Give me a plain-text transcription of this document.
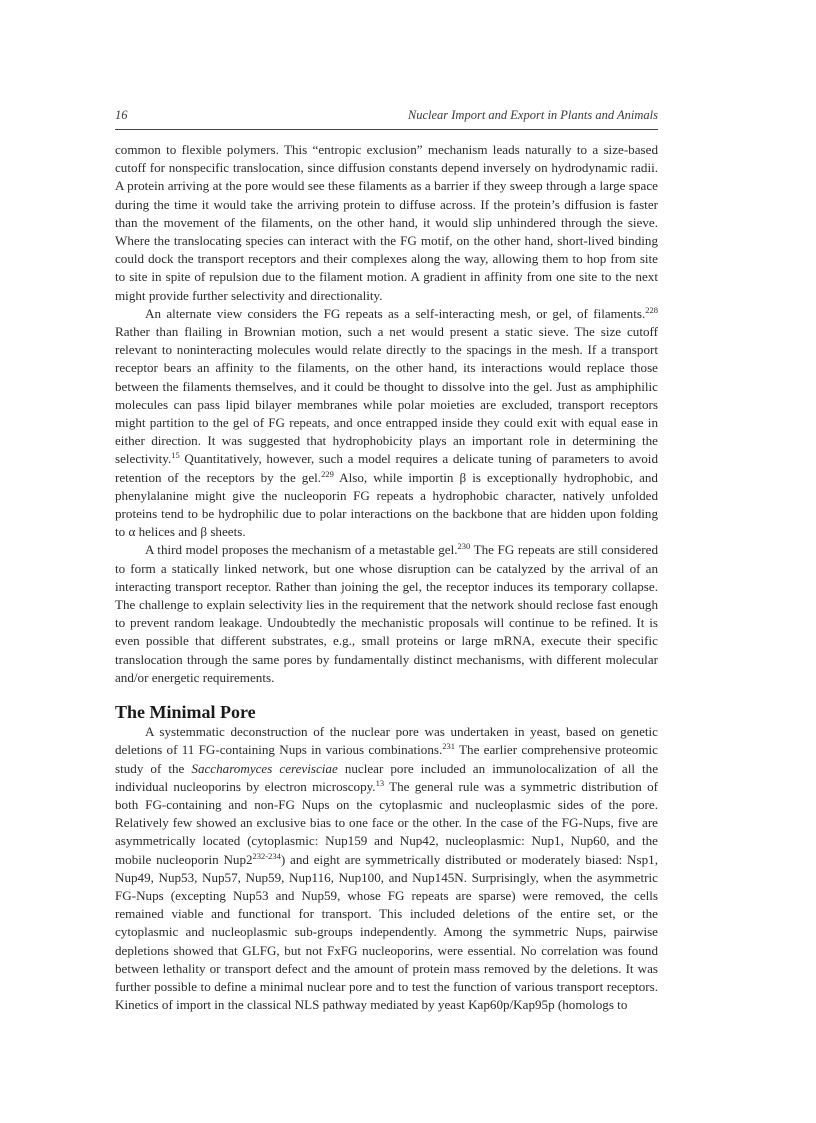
16	Nuclear Import and Export in Plants and Animals

common to flexible polymers. This “entropic exclusion” mechanism leads naturally to a size-based cutoff for nonspecific translocation, since diffusion constants depend inversely on hydrodynamic radii. A protein arriving at the pore would see these filaments as a barrier if they sweep through a large space during the time it would take the arriving protein to diffuse across. If the protein’s diffusion is faster than the movement of the filaments, on the other hand, it would slip unhindered through the sieve. Where the translocating species can interact with the FG motif, on the other hand, short-lived binding could dock the transport receptors and their complexes along the way, allowing them to hop from site to site in spite of repulsion due to the filament motion. A gradient in affinity from one site to the next might provide further selectivity and directionality.

An alternate view considers the FG repeats as a self-interacting mesh, or gel, of filaments.$^{228}$ Rather than flailing in Brownian motion, such a net would present a static sieve. The size cutoff relevant to noninteracting molecules would relate directly to the spacings in the mesh. If a transport receptor bears an affinity to the filaments, on the other hand, its interactions would replace those between the filaments themselves, and it could be thought to dissolve into the gel. Just as amphiphilic molecules can pass lipid bilayer membranes while polar moieties are excluded, transport receptors might partition to the gel of FG repeats, and once entrapped inside they could exit with equal ease in either direction. It was suggested that hydrophobicity plays an important role in determining the selectivity.$^{15}$ Quantitatively, however, such a model requires a delicate tuning of parameters to avoid retention of the receptors by the gel.$^{229}$ Also, while importin β is exceptionally hydrophobic, and phenylalanine might give the nucleoporin FG repeats a hydrophobic character, natively unfolded proteins tend to be hydrophilic due to polar interactions on the backbone that are hidden upon folding to α helices and β sheets.

A third model proposes the mechanism of a metastable gel.$^{230}$ The FG repeats are still considered to form a statically linked network, but one whose disruption can be catalyzed by the arrival of an interacting transport receptor. Rather than joining the gel, the receptor induces its temporary collapse. The challenge to explain selectivity lies in the requirement that the network should reclose fast enough to prevent random leakage. Undoubtedly the mechanistic proposals will continue to be refined. It is even possible that different substrates, e.g., small proteins or large mRNA, execute their specific translocation through the same pores by fundamentally distinct mechanisms, with different molecular and/or energetic requirements.

The Minimal Pore

A systemmatic deconstruction of the nuclear pore was undertaken in yeast, based on genetic deletions of 11 FG-containing Nups in various combinations.$^{231}$ The earlier comprehensive proteomic study of the Saccharomyces cerevisciae nuclear pore included an immunolocalization of all the individual nucleoporins by electron microscopy.$^{13}$ The general rule was a symmetric distribution of both FG-containing and non-FG Nups on the cytoplasmic and nucleoplasmic sides of the pore. Relatively few showed an exclusive bias to one face or the other. In the case of the FG-Nups, five are asymmetrically located (cytoplasmic: Nup159 and Nup42, nucleoplasmic: Nup1, Nup60, and the mobile nucleoporin Nup2$^{232-234}$) and eight are symmetrically distributed or moderately biased: Nsp1, Nup49, Nup53, Nup57, Nup59, Nup116, Nup100, and Nup145N. Surprisingly, when the asymmetric FG-Nups (excepting Nup53 and Nup59, whose FG repeats are sparse) were removed, the cells remained viable and functional for transport. This included deletions of the entire set, or the cytoplasmic and nucleoplasmic sub-groups independently. Among the symmetric Nups, pairwise depletions showed that GLFG, but not FxFG nucleoporins, were essential. No correlation was found between lethality or transport defect and the amount of protein mass removed by the deletions. It was further possible to define a minimal nuclear pore and to test the function of various transport receptors. Kinetics of import in the classical NLS pathway mediated by yeast Kap60p/Kap95p (homologs to
